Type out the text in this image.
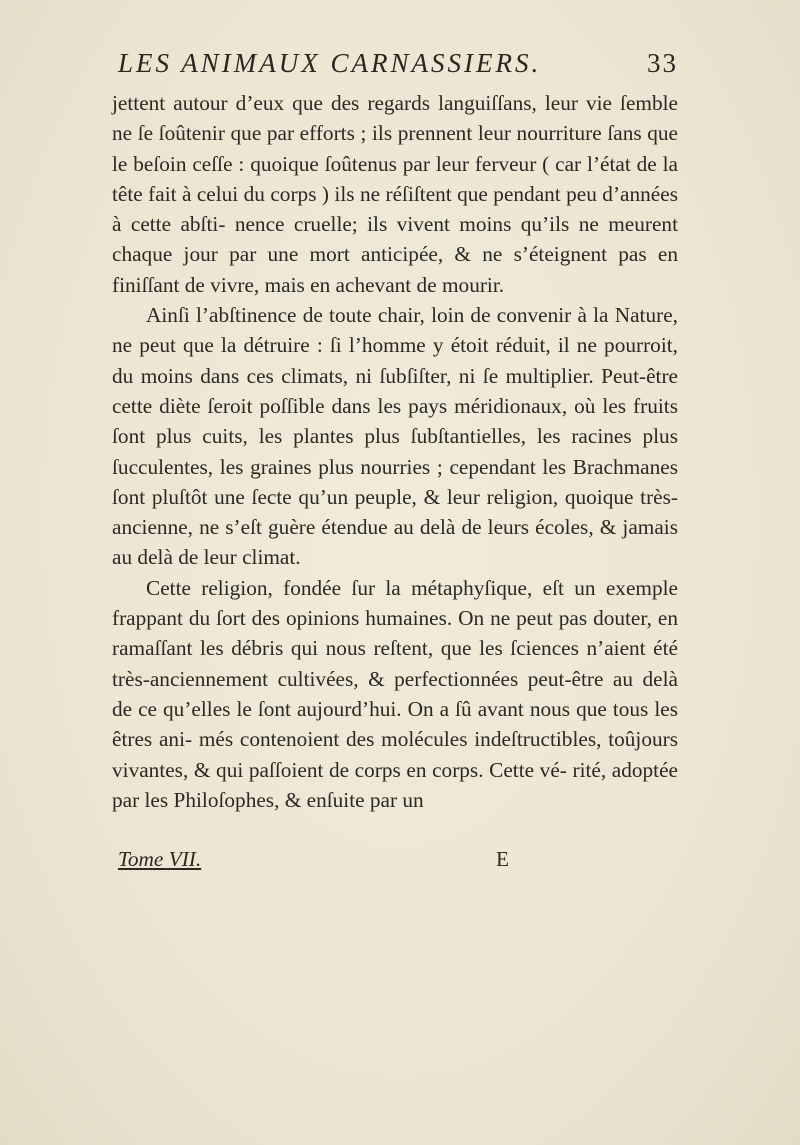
LES ANIMAUX CARNASSIERS.	33

jettent autour d’eux que des regards languiſſans, leur vie ſemble ne ſe ſoûtenir que par efforts ; ils prennent leur nourriture ſans que le beſoin ceſſe : quoique ſoûtenus par leur ferveur ( car l’état de la tête fait à celui du corps ) ils ne réſiſtent que pendant peu d’années à cette abſti- nence cruelle; ils vivent moins qu’ils ne meurent chaque jour par une mort anticipée, & ne s’éteignent pas en finiſſant de vivre, mais en achevant de mourir.

Ainſi l’abſtinence de toute chair, loin de convenir à la Nature, ne peut que la détruire : ſi l’homme y étoit réduit, il ne pourroit, du moins dans ces climats, ni ſubſiſter, ni ſe multiplier. Peut-être cette diète ſeroit poſſible dans les pays méridionaux, où les fruits ſont plus cuits, les plantes plus ſubſtantielles, les racines plus ſucculentes, les graines plus nourries ; cependant les Brachmanes ſont pluſtôt une ſecte qu’un peuple, & leur religion, quoique très-ancienne, ne s’eſt guère étendue au delà de leurs écoles, & jamais au delà de leur climat.

Cette religion, fondée ſur la métaphyſique, eſt un exemple frappant du ſort des opinions humaines. On ne peut pas douter, en ramaſſant les débris qui nous reſtent, que les ſciences n’aient été très-anciennement cultivées, & perfectionnées peut-être au delà de ce qu’elles le ſont aujourd’hui. On a ſû avant nous que tous les êtres ani- més contenoient des molécules indeſtructibles, toûjours vivantes, & qui paſſoient de corps en corps. Cette vé- rité, adoptée par les Philoſophes, & enſuite par un

Tome VII.	E
